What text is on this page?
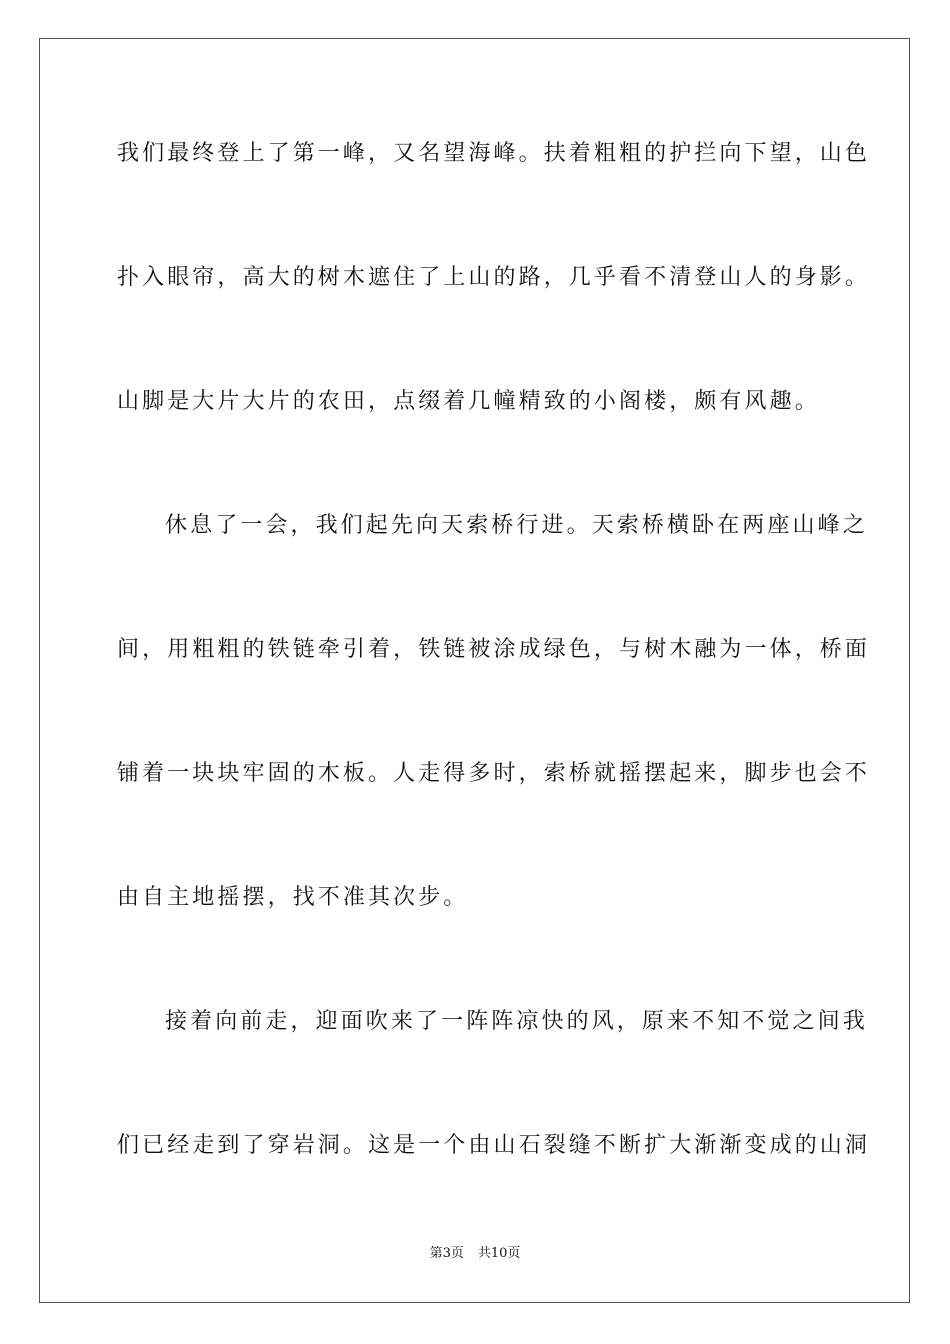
我们最终登上了第一峰，又名望海峰。扶着粗粗的护拦向下望，山色
扑入眼帘，高大的树木遮住了上山的路，几乎看不清登山人的身影。
山脚是大片大片的农田，点缀着几幢精致的小阁楼，颇有风趣。
休息了一会，我们起先向天索桥行进。天索桥横卧在两座山峰之
间，用粗粗的铁链牵引着，铁链被涂成绿色，与树木融为一体，桥面
铺着一块块牢固的木板。人走得多时，索桥就摇摆起来，脚步也会不
由自主地摇摆，找不准其次步。
接着向前走，迎面吹来了一阵阵凉快的风，原来不知不觉之间我
们已经走到了穿岩洞。这是一个由山石裂缝不断扩大渐渐变成的山洞
第3页 共10页
